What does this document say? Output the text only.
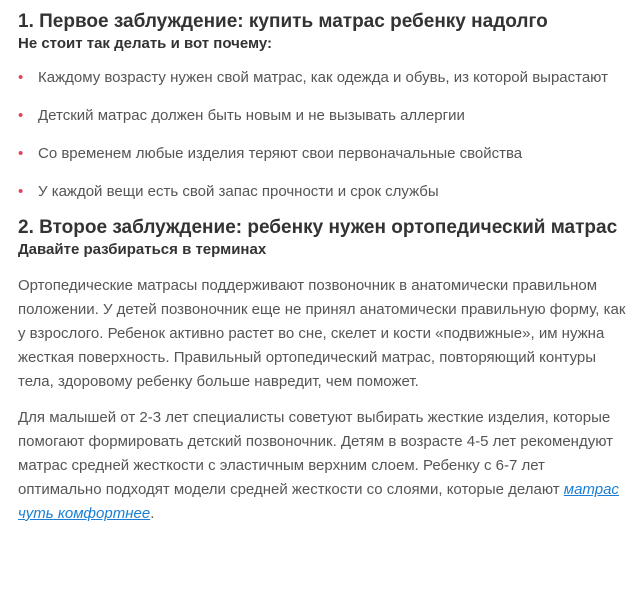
1. Первое заблуждение: купить матрас ребенку надолго

Не стоит так делать и вот почему:

• Каждому возрасту нужен свой матрас, как одежда и обувь, из которой вырастают
• Детский матрас должен быть новым и не вызывать аллергии
• Со временем любые изделия теряют свои первоначальные свойства
• У каждой вещи есть свой запас прочности и срок службы
2. Второе заблуждение: ребенку нужен ортопедический матрас

Давайте разбираться в терминах

Ортопедические матрасы поддерживают позвоночник в анатомически правильном положении. У детей позвоночник еще не принял анатомически правильную форму, как у взрослого. Ребенок активно растет во сне, скелет и кости «подвижные», им нужна жесткая поверхность. Правильный ортопедический матрас, повторяющий контуры тела, здоровому ребенку больше навредит, чем поможет.

Для малышей от 2-3 лет специалисты советуют выбирать жесткие изделия, которые помогают формировать детский позвоночник. Детям в возрасте 4-5 лет рекомендуют матрас средней жесткости с эластичным верхним слоем. Ребенку с 6-7 лет оптимально подходят модели средней жесткости со слоями, которые делают матрас чуть комфортнее.
